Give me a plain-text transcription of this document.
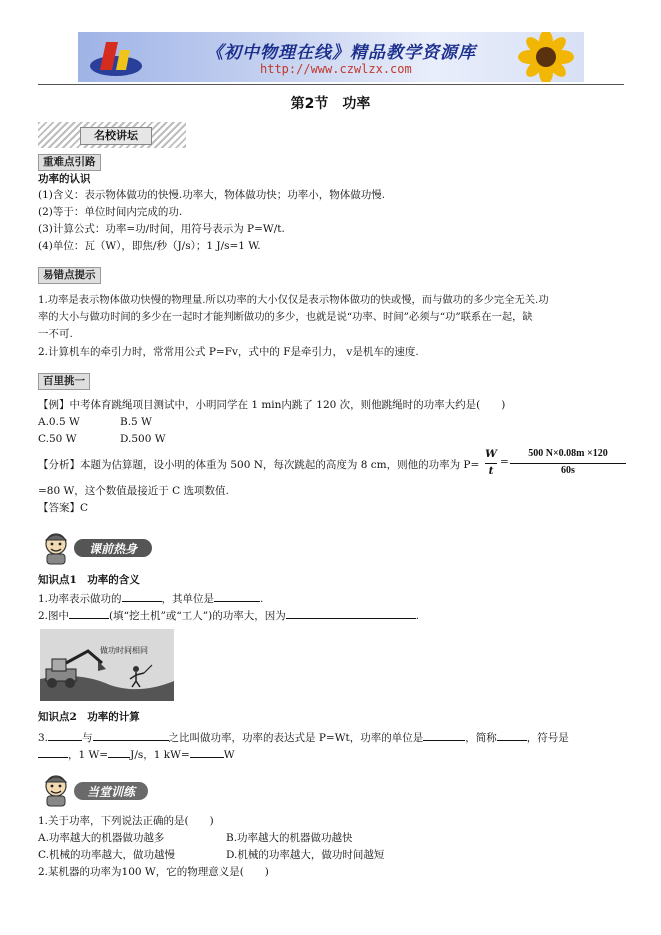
《初中物理在线》精品教学资源库
http://www.czwlzx.com
第2节　功率
名校讲坛
重难点引路
功率的认识
(1)含义：表示物体做功的快慢.功率大，物体做功快；功率小，物体做功慢.
(2)等于：单位时间内完成的功.
(3)计算公式：功率=功/时间，用符号表示为 P=W/t.
(4)单位：瓦（W），即焦/秒（J/s）；1 J/s=1 W.
易错点提示
1.功率是表示物体做功快慢的物理量.所以功率的大小仅仅是表示物体做功的快或慢，而与做功的多少完全无关.功
率的大小与做功时间的多少在一起时才能判断做功的多少，也就是说“功率、时间”必须与“功”联系在一起，缺
一不可.
2.计算机车的牵引力时，常常用公式 P=Fv，式中的 F是牵引力， v是机车的速度.
百里挑一
【例】中考体育跳绳项目测试中，小明同学在 1 min内跳了 120 次，则他跳绳时的功率大约是(　　)
A.0.5 W	B.5 W
C.50 W	D.500 W
【分析】本题为估算题，设小明的体重为 500 N，每次跳起的高度为 8 cm，则他的功率为 P=
W
t
=
500 N×0.08m ×120
60s
=80 W，这个数值最接近于 C 选项数值.
【答案】C
课前热身
知识点1　功率的含义
1.功率表示做功的	，其单位是	.
2.图中	(填“挖土机”或“工人”)的功率大，因为	.
做功时间相同
知识点2　功率的计算
3.	与	之比叫做功率，功率的表达式是 P=Wt，功率的单位是	，简称	，符号是
，1 W= J/s，1 kW=	W
当堂训练
1.关于功率，下列说法正确的是(　　)
A.功率越大的机器做功越多	B.功率越大的机器做功越快
C.机械的功率越大，做功越慢	D.机械的功率越大，做功时间越短
2.某机器的功率为100 W，它的物理意义是(　　)
